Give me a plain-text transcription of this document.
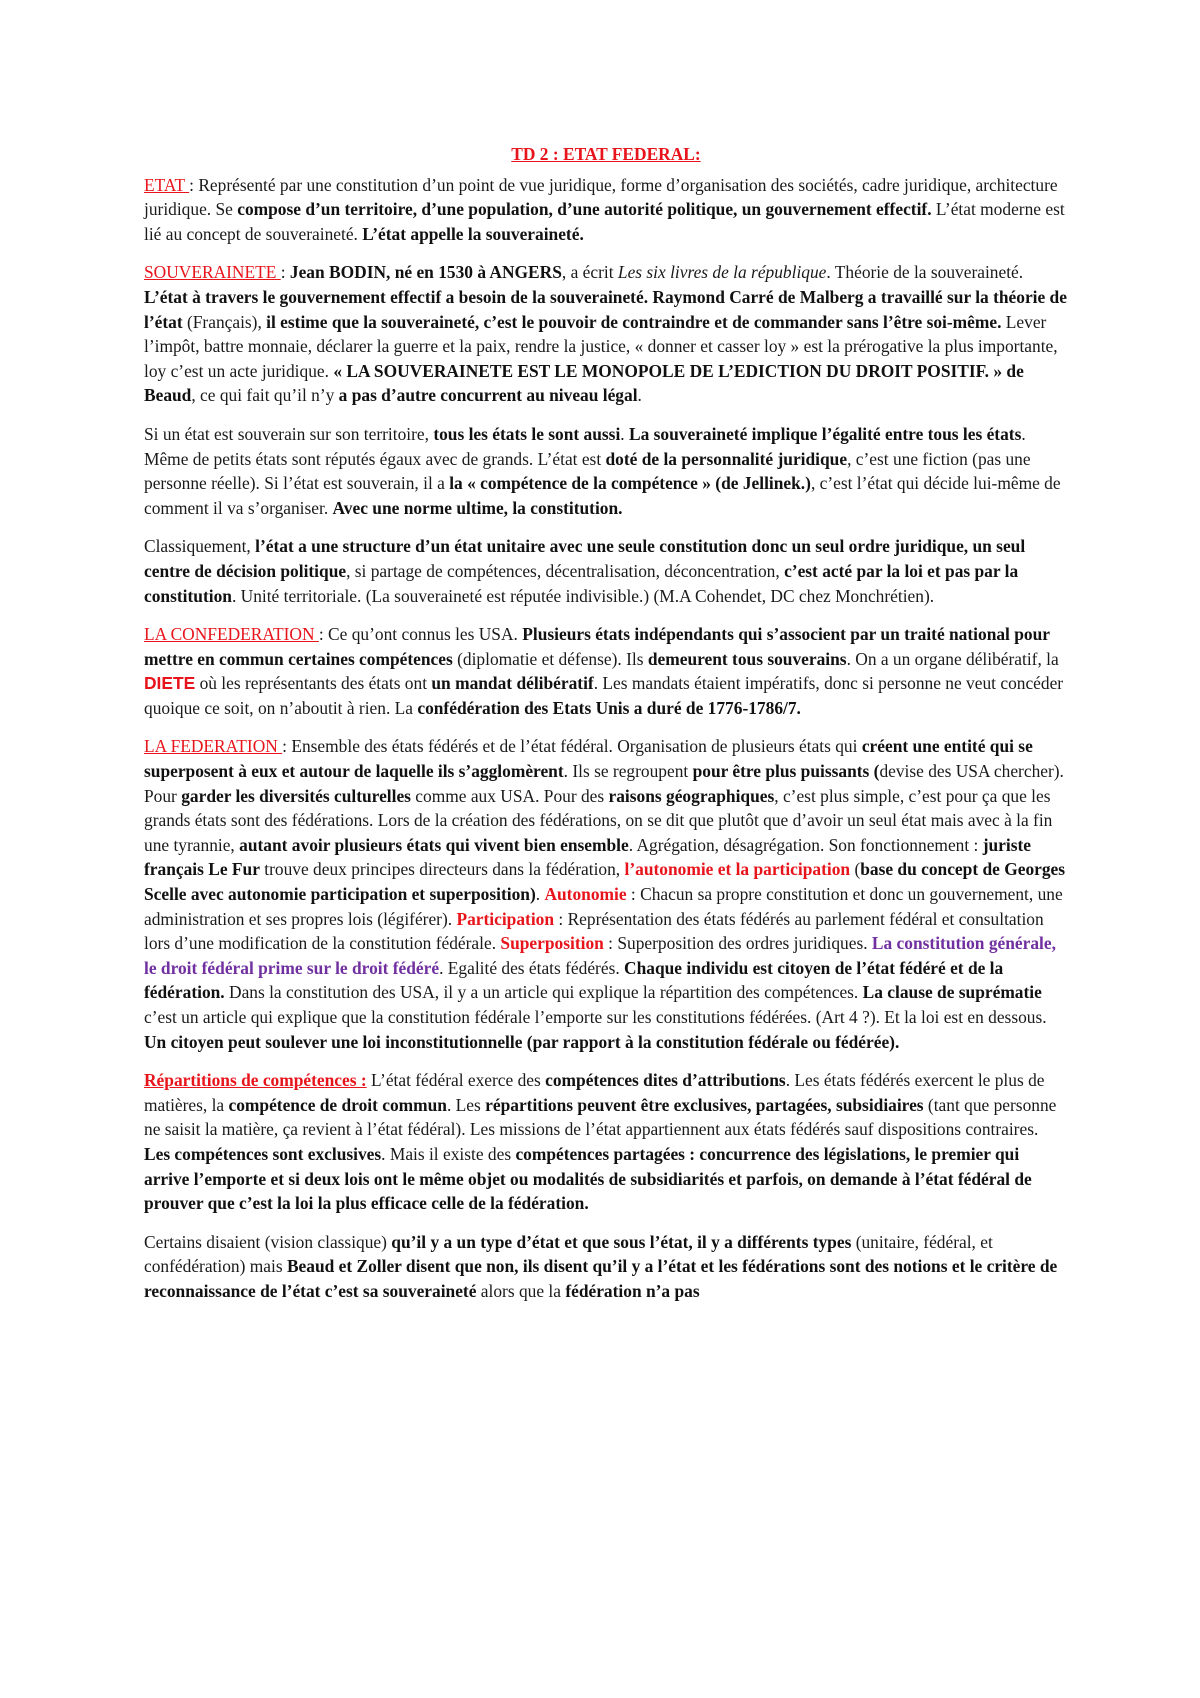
TD 2 : ETAT FEDERAL:

ETAT : Représenté par une constitution d’un point de vue juridique, forme d’organisation des sociétés, cadre juridique, architecture juridique. Se compose d’un territoire, d’une population, d’une autorité politique, un gouvernement effectif. L’état moderne est lié au concept de souveraineté. L’état appelle la souveraineté.

SOUVERAINETE : Jean BODIN, né en 1530 à ANGERS, a écrit Les six livres de la république. Théorie de la souveraineté. L’état à travers le gouvernement effectif a besoin de la souveraineté. Raymond Carré de Malberg a travaillé sur la théorie de l’état (Français), il estime que la souveraineté, c’est le pouvoir de contraindre et de commander sans l’être soi-même. Lever l’impôt, battre monnaie, déclarer la guerre et la paix, rendre la justice, « donner et casser loy » est la prérogative la plus importante, loy c’est un acte juridique. « LA SOUVERAINETE EST LE MONOPOLE DE L’EDICTION DU DROIT POSITIF. » de Beaud, ce qui fait qu’il n’y a pas d’autre concurrent au niveau légal.

Si un état est souverain sur son territoire, tous les états le sont aussi. La souveraineté implique l’égalité entre tous les états. Même de petits états sont réputés égaux avec de grands. L’état est doté de la personnalité juridique, c’est une fiction (pas une personne réelle). Si l’état est souverain, il a la « compétence de la compétence » (de Jellinek.), c’est l’état qui décide lui-même de comment il va s’organiser. Avec une norme ultime, la constitution.

Classiquement, l’état a une structure d’un état unitaire avec une seule constitution donc un seul ordre juridique, un seul centre de décision politique, si partage de compétences, décentralisation, déconcentration, c’est acté par la loi et pas par la constitution. Unité territoriale. (La souveraineté est réputée indivisible.) (M.A Cohendet, DC chez Monchrétien).

LA CONFEDERATION : Ce qu’ont connus les USA. Plusieurs états indépendants qui s’associent par un traité national pour mettre en commun certaines compétences (diplomatie et défense). Ils demeurent tous souverains. On a un organe délibératif, la DIETE où les représentants des états ont un mandat délibératif. Les mandats étaient impératifs, donc si personne ne veut concéder quoique ce soit, on n’aboutit à rien. La confédération des Etats Unis a duré de 1776-1786/7.

LA FEDERATION : Ensemble des états fédérés et de l’état fédéral. Organisation de plusieurs états qui créent une entité qui se superposent à eux et autour de laquelle ils s’agglomèrent. Ils se regroupent pour être plus puissants (devise des USA chercher). Pour garder les diversités culturelles comme aux USA. Pour des raisons géographiques, c’est plus simple, c’est pour ça que les grands états sont des fédérations. Lors de la création des fédérations, on se dit que plutôt que d’avoir un seul état mais avec à la fin une tyrannie, autant avoir plusieurs états qui vivent bien ensemble. Agrégation, désagrégation. Son fonctionnement : juriste français Le Fur trouve deux principes directeurs dans la fédération, l’autonomie et la participation (base du concept de Georges Scelle avec autonomie participation et superposition). Autonomie : Chacun sa propre constitution et donc un gouvernement, une administration et ses propres lois (légiférer). Participation : Représentation des états fédérés au parlement fédéral et consultation lors d’une modification de la constitution fédérale. Superposition : Superposition des ordres juridiques. La constitution générale, le droit fédéral prime sur le droit fédéré. Egalité des états fédérés. Chaque individu est citoyen de l’état fédéré et de la fédération. Dans la constitution des USA, il y a un article qui explique la répartition des compétences. La clause de suprématie c’est un article qui explique que la constitution fédérale l’emporte sur les constitutions fédérées. (Art 4 ?). Et la loi est en dessous. Un citoyen peut soulever une loi inconstitutionnelle (par rapport à la constitution fédérale ou fédérée).

Répartitions de compétences : L’état fédéral exerce des compétences dites d’attributions. Les états fédérés exercent le plus de matières, la compétence de droit commun. Les répartitions peuvent être exclusives, partagées, subsidiaires (tant que personne ne saisit la matière, ça revient à l’état fédéral). Les missions de l’état appartiennent aux états fédérés sauf dispositions contraires. Les compétences sont exclusives. Mais il existe des compétences partagées : concurrence des législations, le premier qui arrive l’emporte et si deux lois ont le même objet ou modalités de subsidiarités et parfois, on demande à l’état fédéral de prouver que c’est la loi la plus efficace celle de la fédération.

Certains disaient (vision classique) qu’il y a un type d’état et que sous l’état, il y a différents types (unitaire, fédéral, et confédération) mais Beaud et Zoller disent que non, ils disent qu’il y a l’état et les fédérations sont des notions et le critère de reconnaissance de l’état c’est sa souveraineté alors que la fédération n’a pas
